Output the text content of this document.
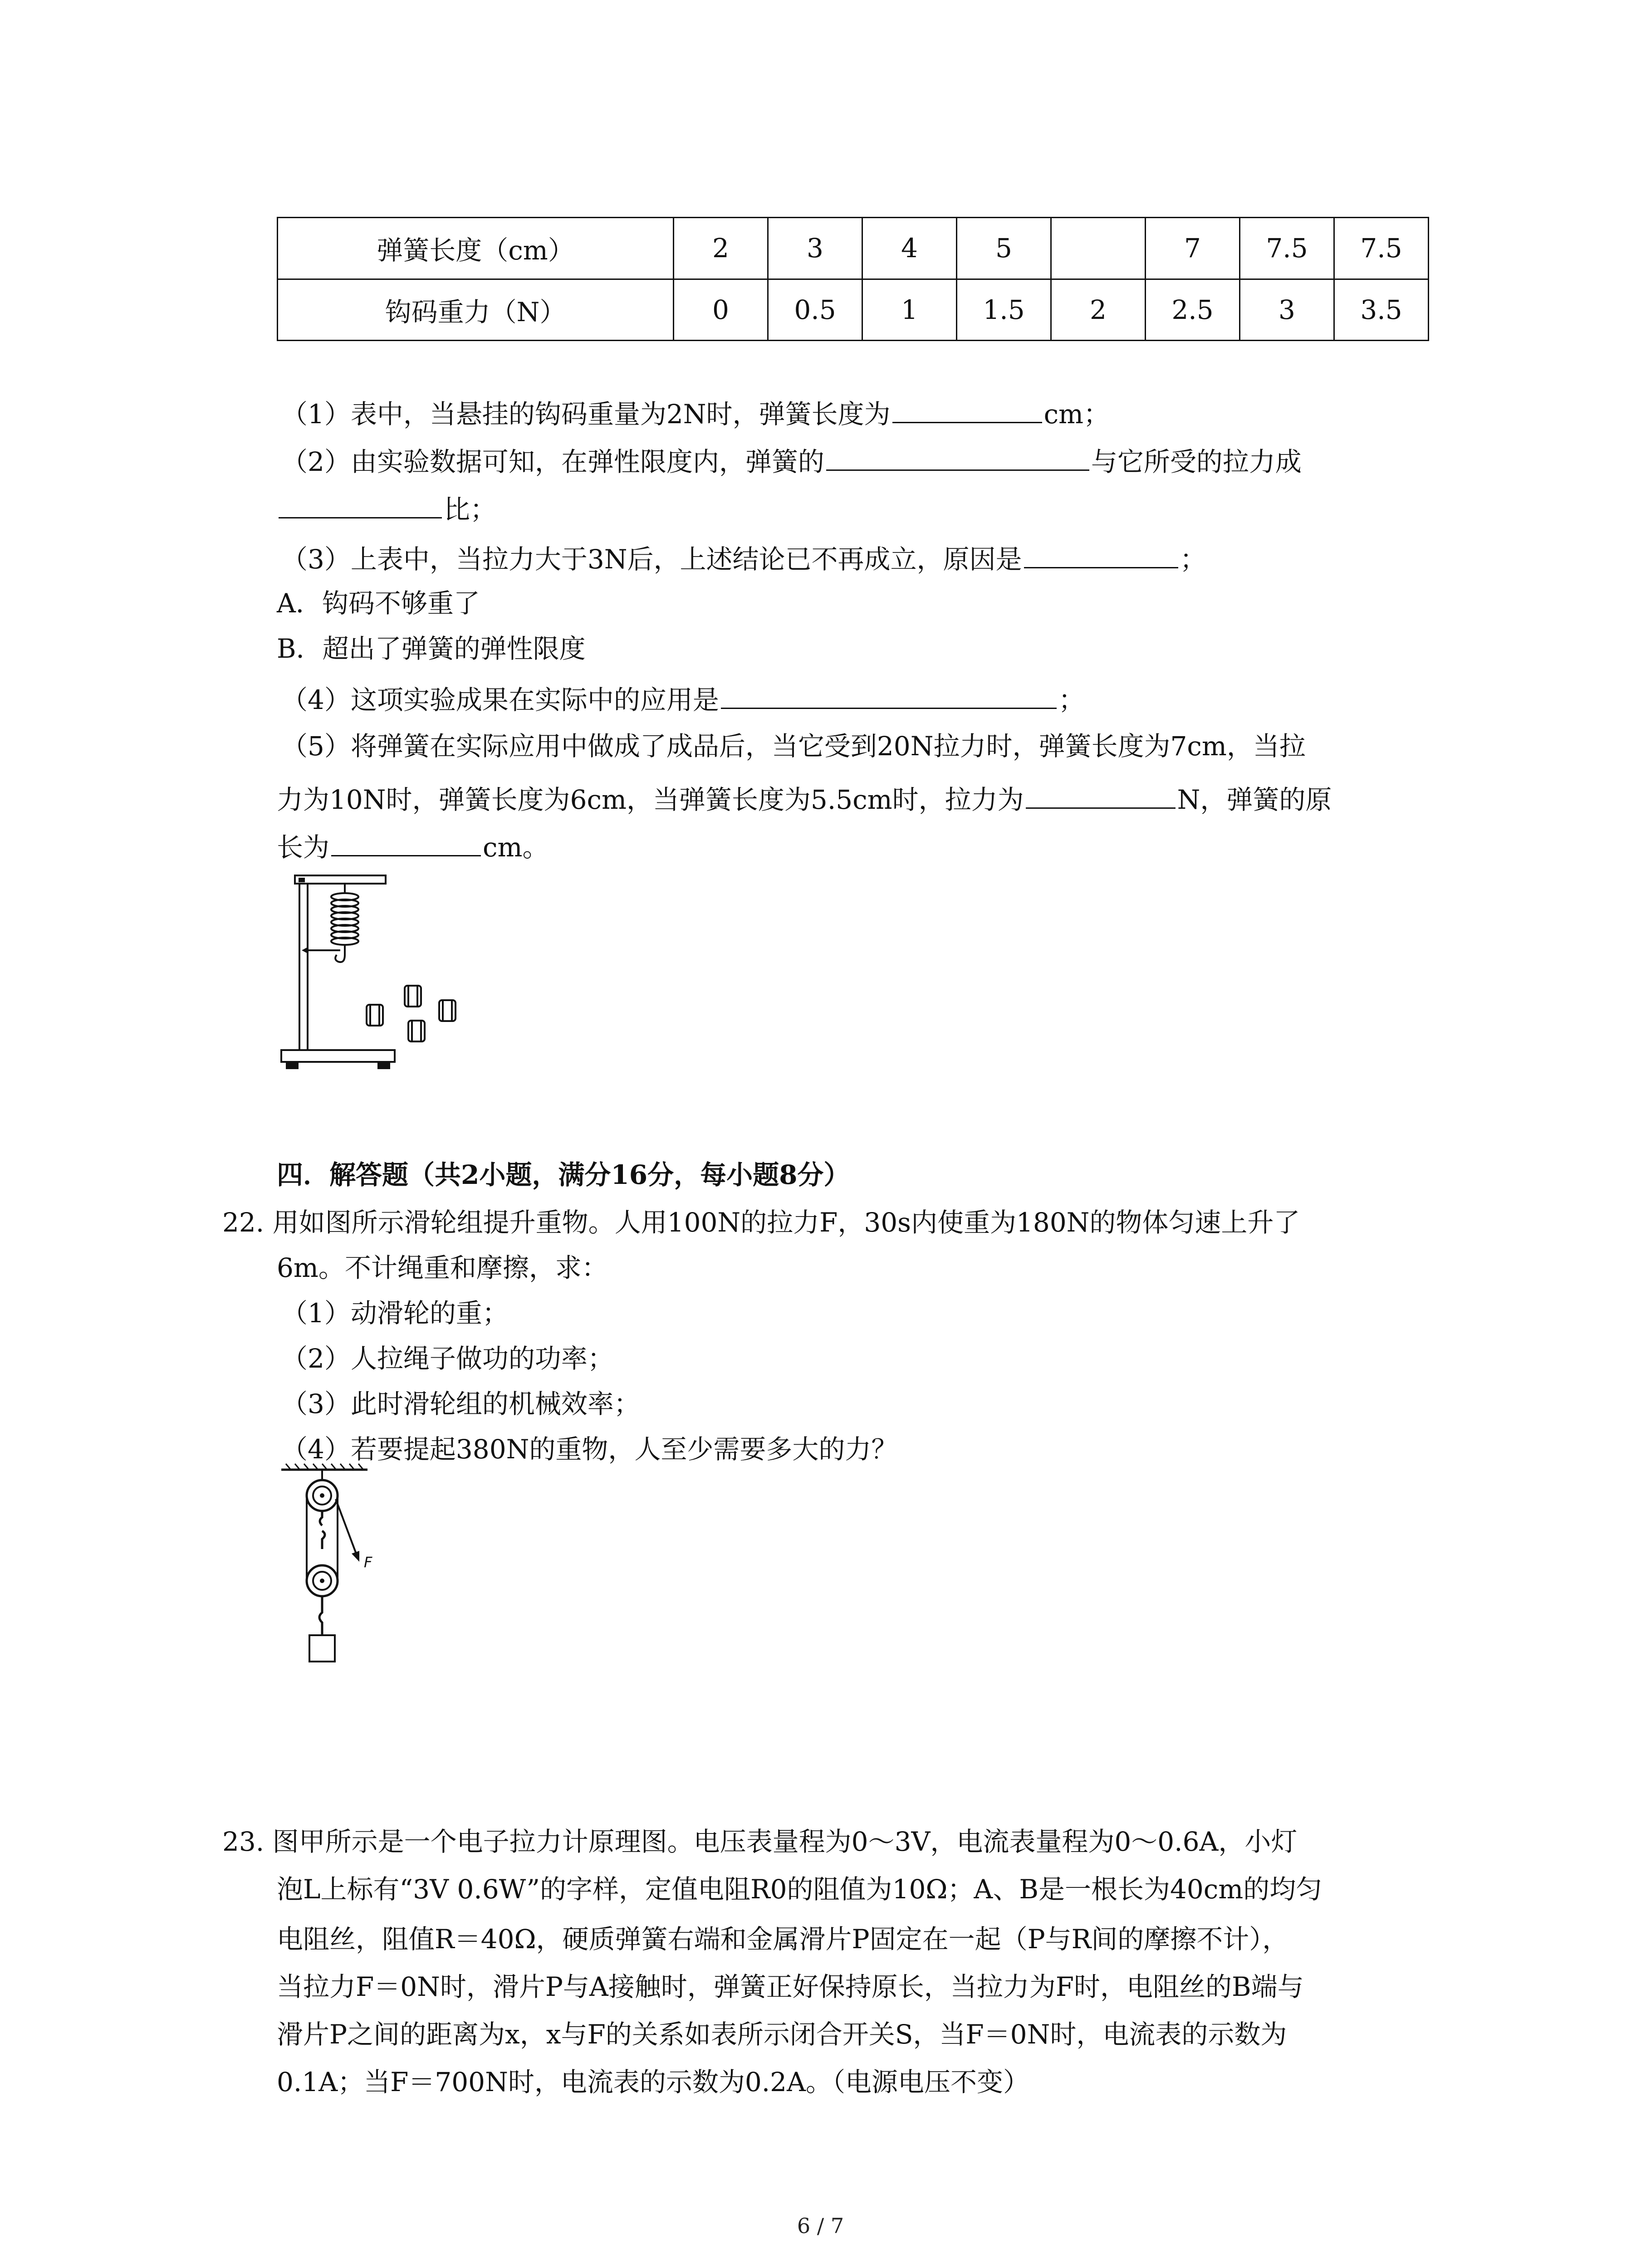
弹簧长度（cm）	2	3	4	5		7	7.5	7.5
钩码重力（N）	0	0.5	1	1.5	2	2.5	3	3.5
（1）表中，当悬挂的钩码重量为2N时，弹簧长度为	cm；
（2）由实验数据可知，在弹性限度内，弹簧的	与它所受的拉力成
比；
（3）上表中，当拉力大于3N后，上述结论已不再成立，原因是	；
A．钩码不够重了
B．超出了弹簧的弹性限度
（4）这项实验成果在实际中的应用是	；
（5）将弹簧在实际应用中做成了成品后，当它受到20N拉力时，弹簧长度为7cm，当拉
力为10N时，弹簧长度为6cm，当弹簧长度为5.5cm时，拉力为	N，弹簧的原
长为	cm。
四．解答题（共2小题，满分16分，每小题8分）
22. 用如图所示滑轮组提升重物。人用100N的拉力F，30s内使重为180N的物体匀速上升了
6m。不计绳重和摩擦，求：
（1）动滑轮的重；
（2）人拉绳子做功的功率；
（3）此时滑轮组的机械效率；
（4）若要提起380N的重物，人至少需要多大的力？
F
23. 图甲所示是一个电子拉力计原理图。电压表量程为0～3V，电流表量程为0～0.6A，小灯
泡L上标有“3V 0.6W”的字样，定值电阻R0的阻值为10Ω；A、B是一根长为40cm的均匀
电阻丝，阻值R＝40Ω，硬质弹簧右端和金属滑片P固定在一起（P与R间的摩擦不计），
当拉力F＝0N时，滑片P与A接触时，弹簧正好保持原长，当拉力为F时，电阻丝的B端与
滑片P之间的距离为x，x与F的关系如表所示闭合开关S，当F＝0N时，电流表的示数为
0.1A；当F＝700N时，电流表的示数为0.2A。（电源电压不变）
6 / 7
